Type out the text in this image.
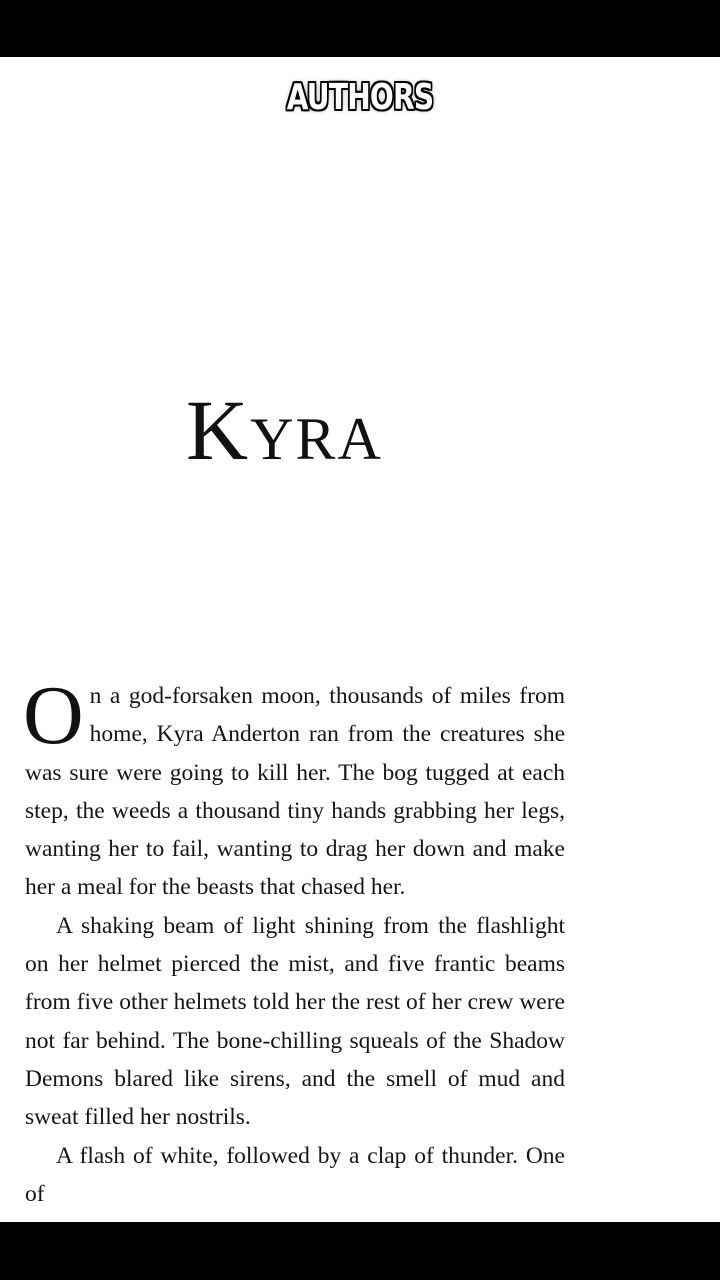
Kyra

On a god-forsaken moon, thousands of miles from home, Kyra Anderton ran from the creatures she was sure were going to kill her. The bog tugged at each step, the weeds a thousand tiny hands grabbing her legs, wanting her to fail, wanting to drag her down and make her a meal for the beasts that chased her.

A shaking beam of light shining from the flashlight on her helmet pierced the mist, and five frantic beams from five other helmets told her the rest of her crew were not far behind. The bone-chilling squeals of the Shadow Demons blared like sirens, and the smell of mud and sweat filled her nostrils.

A flash of white, followed by a clap of thunder. One of

AUTHORS
